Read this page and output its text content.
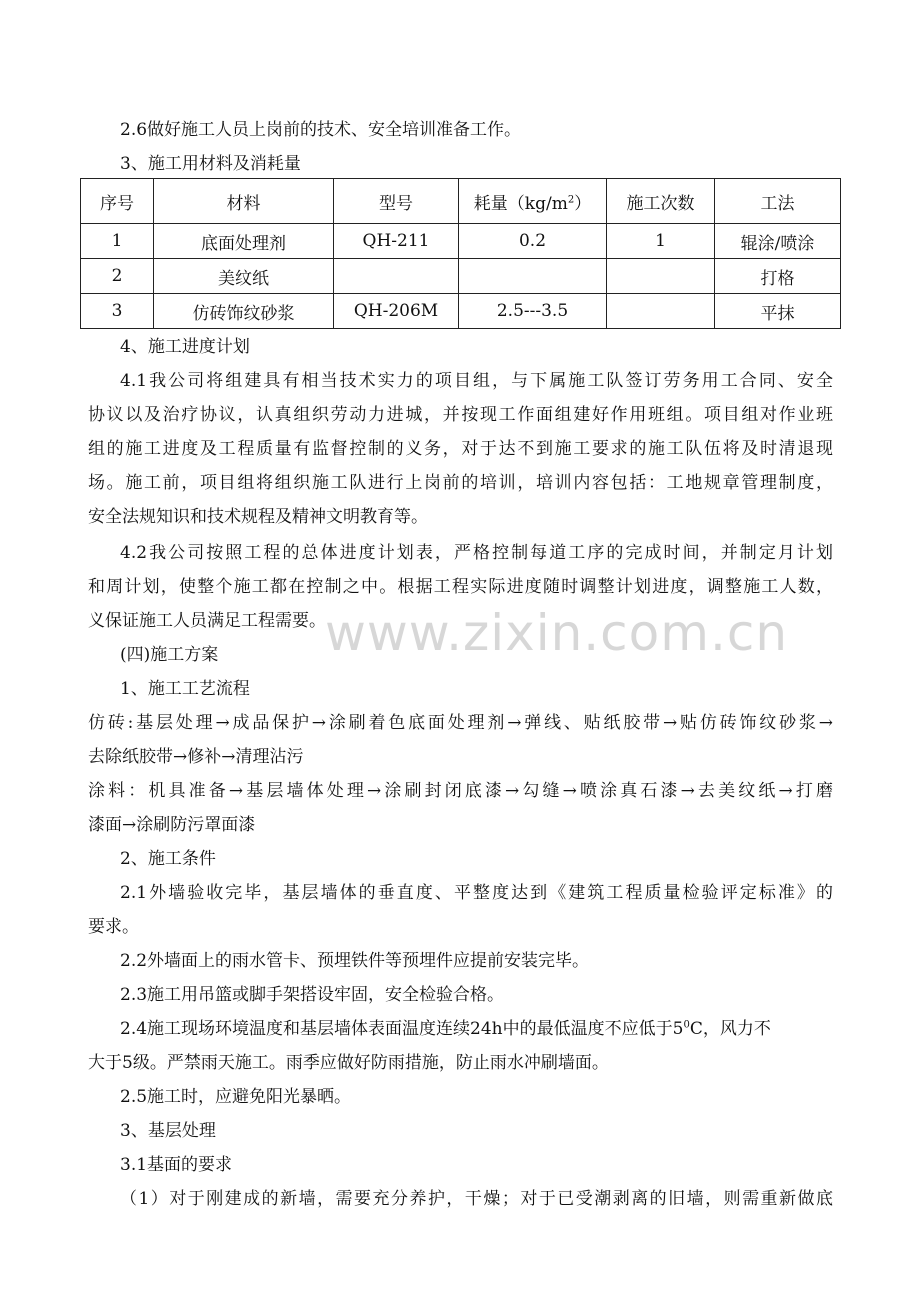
2.6做好施工人员上岗前的技术、安全培训准备工作。
3、施工用材料及消耗量
序号	材料	型号	耗量$(kg/m^2)$	施工次数	工法
1	底面处理剂	QH-211	0.2	1	辊涂/喷涂
2	美纹纸				打格
3	仿砖饰纹砂浆	QH-206M	2.5---3.5		平抹
4、施工进度计划
4.1我公司将组建具有相当技术实力的项目组，与下属施工队签订劳务用工合同、安全
协议以及治疗协议，认真组织劳动力进城，并按现工作面组建好作用班组。项目组对作业班
组的施工进度及工程质量有监督控制的义务，对于达不到施工要求的施工队伍将及时清退现
场。施工前，项目组将组织施工队进行上岗前的培训，培训内容包括：工地规章管理制度，
安全法规知识和技术规程及精神文明教育等。
4.2我公司按照工程的总体进度计划表，严格控制每道工序的完成时间，并制定月计划
和周计划，使整个施工都在控制之中。根据工程实际进度随时调整计划进度，调整施工人数，
义保证施工人员满足工程需要。 www.zixin.com.cn
(四)施工方案
1、施工工艺流程
仿砖:基层处理→成品保护→涂刷着色底面处理剂→弹线、贴纸胶带→贴仿砖饰纹砂浆→
去除纸胶带→修补→清理沾污
涂料：机具准备→基层墙体处理→涂刷封闭底漆→勾缝→喷涂真石漆→去美纹纸→打磨
漆面→涂刷防污罩面漆
2、施工条件
2.1外墙验收完毕，基层墙体的垂直度、平整度达到《建筑工程质量检验评定标准》的
要求。
2.2外墙面上的雨水管卡、预埋铁件等预埋件应提前安装完毕。
2.3施工用吊篮或脚手架搭设牢固，安全检验合格。
2.4施工现场环境温度和基层墙体表面温度连续24h中的最低温度不应低于$5^0C$，风力不
大于5级。严禁雨天施工。雨季应做好防雨措施，防止雨水冲刷墙面。
2.5施工时，应避免阳光暴晒。
3、基层处理
3.1基面的要求
（1）对于刚建成的新墙，需要充分养护，干燥；对于已受潮剥离的旧墙，则需重新做底
